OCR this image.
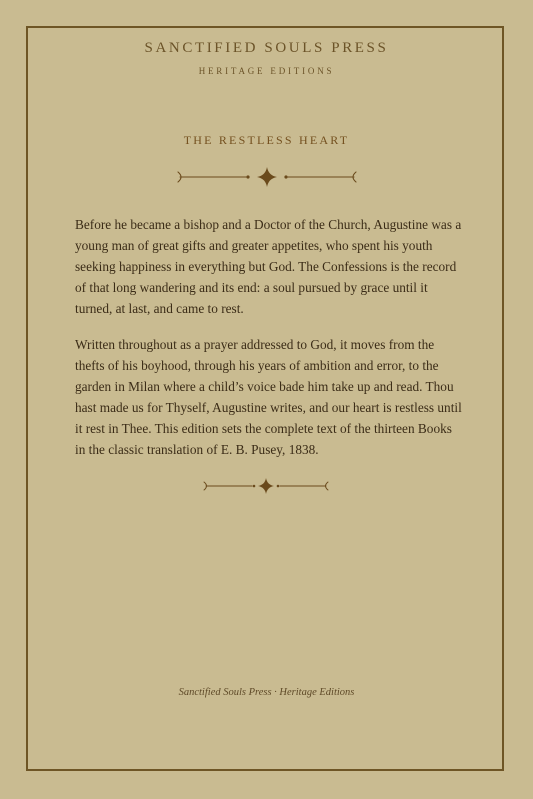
SANCTIFIED SOULS PRESS
HERITAGE EDITIONS
THE RESTLESS HEART

Before he became a bishop and a Doctor of the Church, Augustine was a young man of great gifts and greater appetites, who spent his youth seeking happiness in everything but God. The Confessions is the record of that long wandering and its end: a soul pursued by grace until it turned, at last, and came to rest.

Written throughout as a prayer addressed to God, it moves from the thefts of his boyhood, through his years of ambition and error, to the garden in Milan where a child’s voice bade him take up and read. Thou hast made us for Thyself, Augustine writes, and our heart is restless until it rest in Thee. This edition sets the complete text of the thirteen Books in the classic translation of E. B. Pusey, 1838.

Sanctified Souls Press · Heritage Editions
